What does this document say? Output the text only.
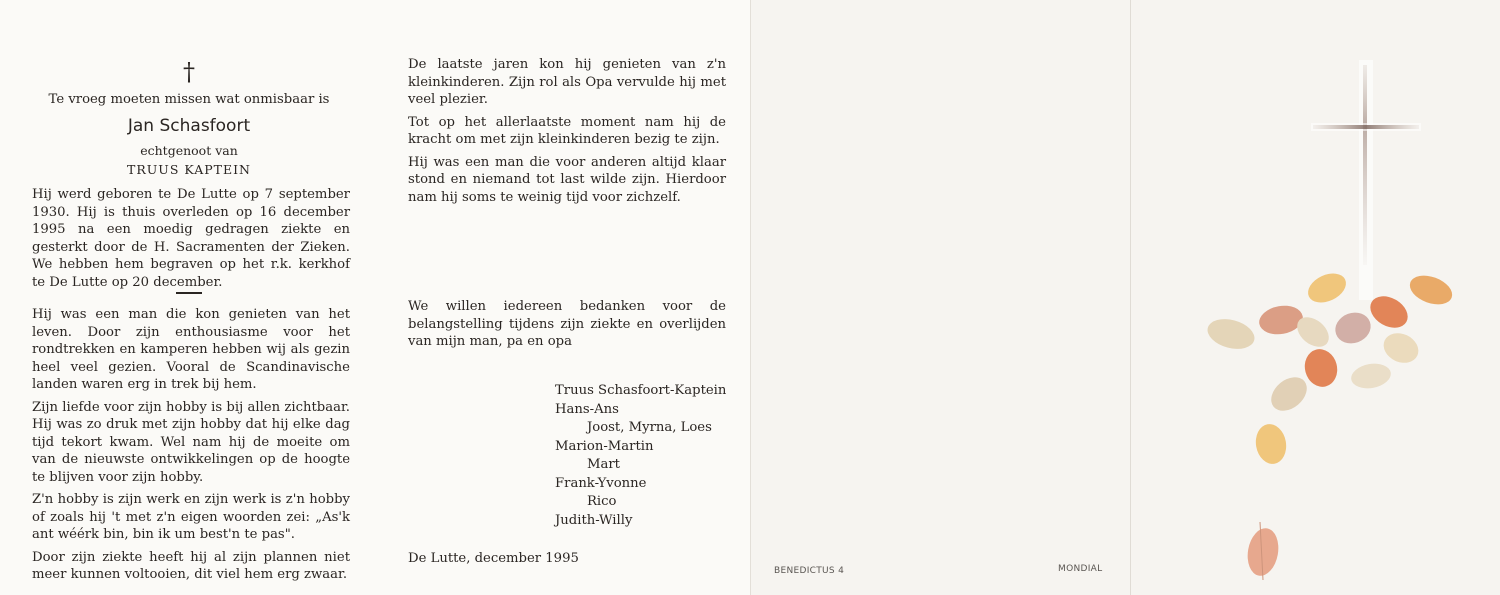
†
Te vroeg moeten missen wat onmisbaar is
Jan Schasfoort
echtgenoot van
TRUUS KAPTEIN

Hij werd geboren te De Lutte op 7 september 1930. Hij is thuis overleden op 16 december 1995 na een moedig gedragen ziekte en gesterkt door de H. Sacramenten der Zieken. We hebben hem begraven op het r.k. kerkhof te De Lutte op 20 december.

Hij was een man die kon genieten van het leven. Door zijn enthousiasme voor het rondtrekken en kamperen hebben wij als gezin heel veel gezien. Vooral de Scandinavische landen waren erg in trek bij hem.

Zijn liefde voor zijn hobby is bij allen zichtbaar. Hij was zo druk met zijn hobby dat hij elke dag tijd tekort kwam. Wel nam hij de moeite om van de nieuwste ontwikkelingen op de hoogte te blijven voor zijn hobby.

Z'n hobby is zijn werk en zijn werk is z'n hobby of zoals hij 't met z'n eigen woorden zei: „As'k ant wéérk bin, bin ik um best'n te pas".

Door zijn ziekte heeft hij al zijn plannen niet meer kunnen voltooien, dit viel hem erg zwaar.

De laatste jaren kon hij genieten van z'n kleinkinderen. Zijn rol als Opa vervulde hij met veel plezier.

Tot op het allerlaatste moment nam hij de kracht om met zijn kleinkinderen bezig te zijn.

Hij was een man die voor anderen altijd klaar stond en niemand tot last wilde zijn. Hierdoor nam hij soms te weinig tijd voor zichzelf.

We willen iedereen bedanken voor de belangstelling tijdens zijn ziekte en overlijden van mijn man, pa en opa

Truus Schasfoort-Kaptein
Hans-Ans
Joost, Myrna, Loes
Marion-Martin
Mart
Frank-Yvonne
Rico
Judith-Willy
De Lutte, december 1995
BENEDICTUS 4	MONDIAL
